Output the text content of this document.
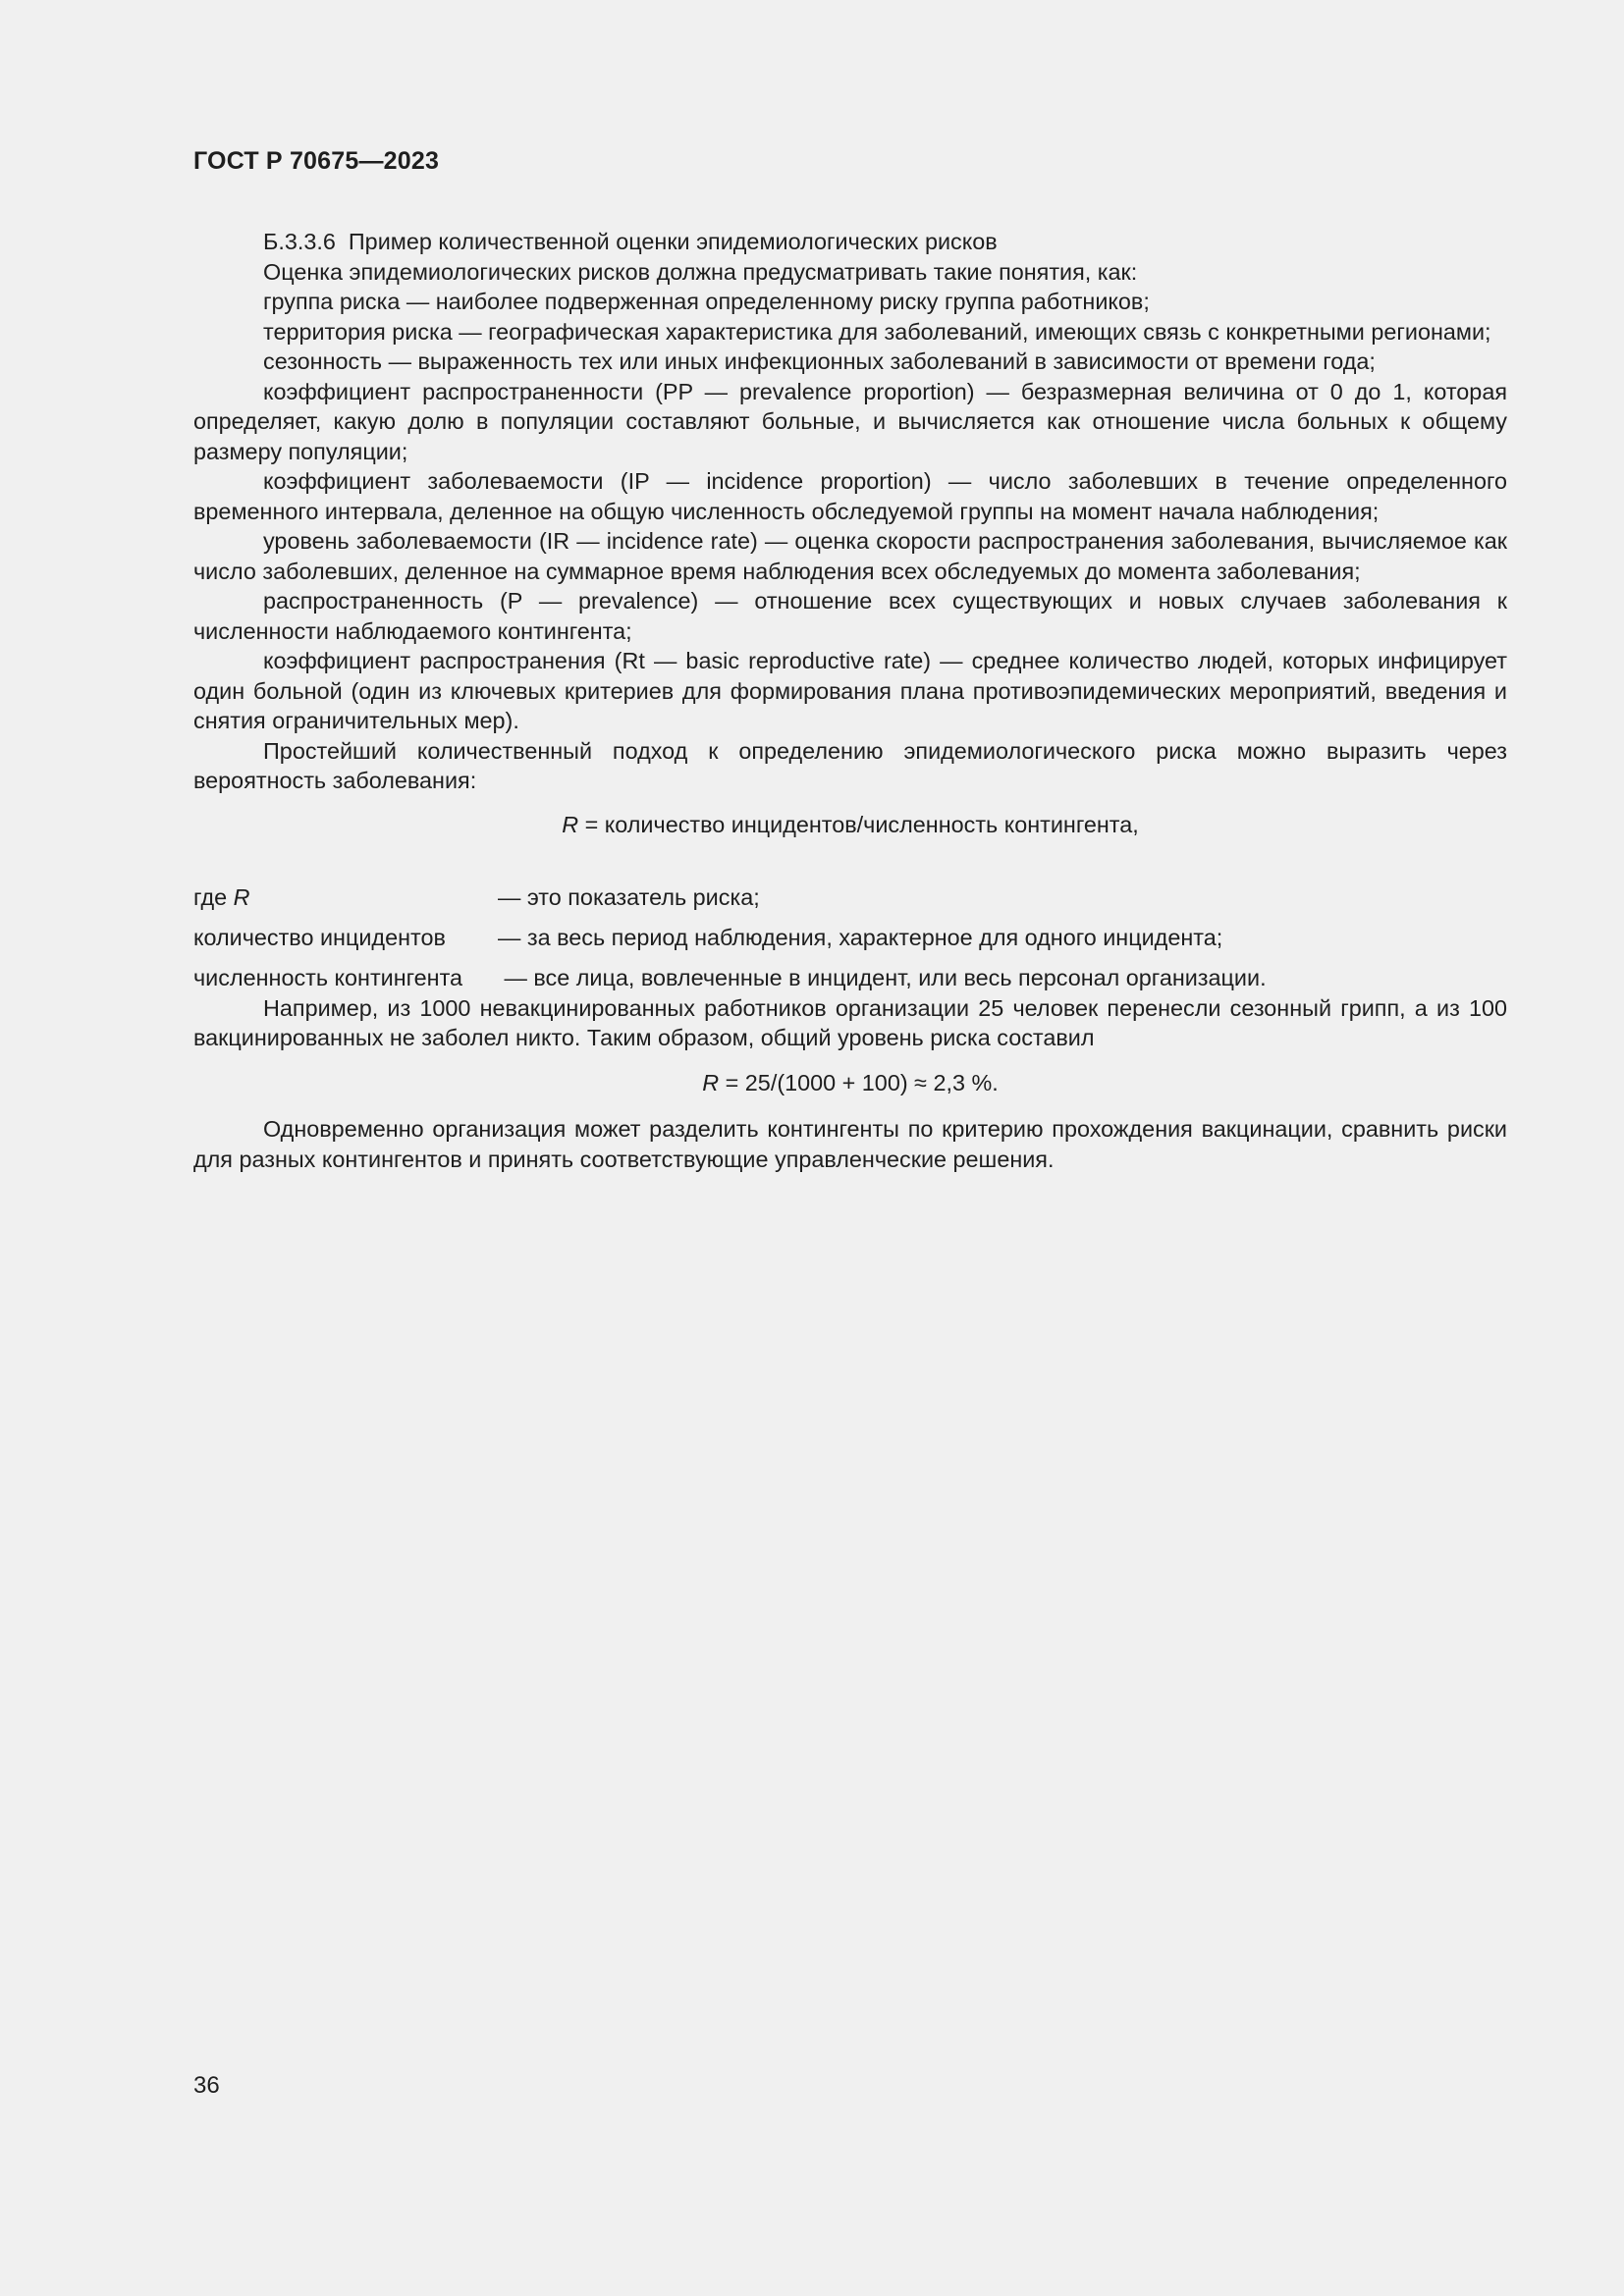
ГОСТ Р 70675—2023

Б.3.3.6 Пример количественной оценки эпидемиологических рисков

Оценка эпидемиологических рисков должна предусматривать такие понятия, как:

группа риска — наиболее подверженная определенному риску группа работников;

территория риска — географическая характеристика для заболеваний, имеющих связь с конкретными регионами;

сезонность — выраженность тех или иных инфекционных заболеваний в зависимости от времени года;

коэффициент распространенности (PP — prevalence proportion) — безразмерная величина от 0 до 1, которая определяет, какую долю в популяции составляют больные, и вычисляется как отношение числа больных к общему размеру популяции;

коэффициент заболеваемости (IP — incidence proportion) — число заболевших в течение определенного временного интервала, деленное на общую численность обследуемой группы на момент начала наблюдения;

уровень заболеваемости (IR — incidence rate) — оценка скорости распространения заболевания, вычисляемое как число заболевших, деленное на суммарное время наблюдения всех обследуемых до момента заболевания;

распространенность (P — prevalence) — отношение всех существующих и новых случаев заболевания к численности наблюдаемого контингента;

коэффициент распространения (Rt — basic reproductive rate) — среднее количество людей, которых инфицирует один больной (один из ключевых критериев для формирования плана противоэпидемических мероприятий, введения и снятия ограничительных мер).

Простейший количественный подход к определению эпидемиологического риска можно выразить через вероятность заболевания:

R = количество инцидентов/численность контингента,

где R	— это показатель риска;
количество инцидентов	— за весь период наблюдения, характерное для одного инцидента;
численность контингента	— все лица, вовлеченные в инцидент, или весь персонал организации.

Например, из 1000 невакцинированных работников организации 25 человек перенесли сезонный грипп, а из 100 вакцинированных не заболел никто. Таким образом, общий уровень риска составил

R = 25/(1000 + 100) ≈ 2,3 %.

Одновременно организация может разделить контингенты по критерию прохождения вакцинации, сравнить риски для разных контингентов и принять соответствующие управленческие решения.

36
